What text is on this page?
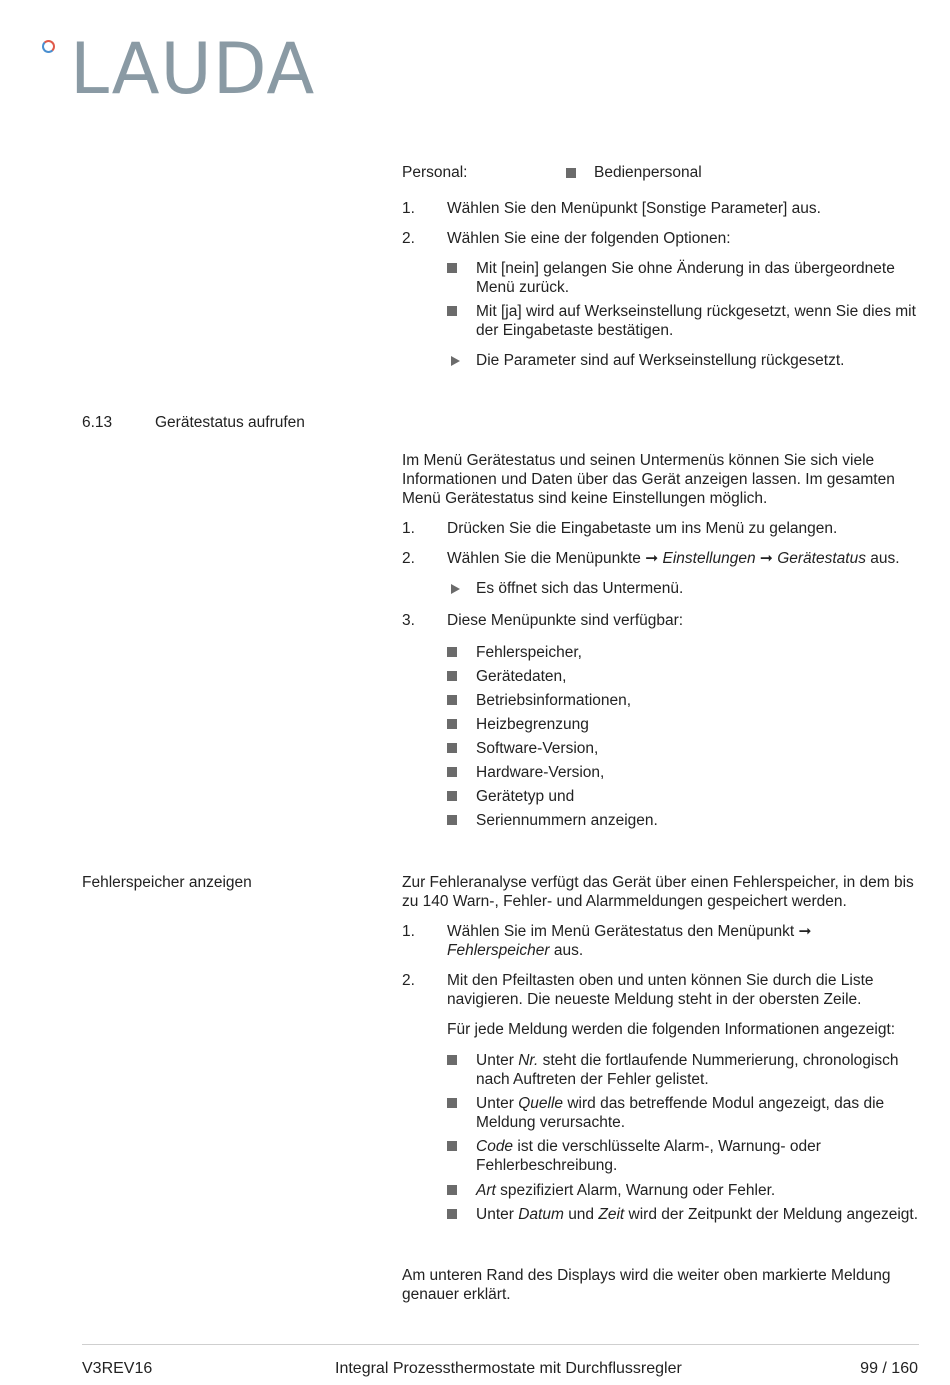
LAUDA
Personal:	Bedienpersonal
1.	Wählen Sie den Menüpunkt [Sonstige Parameter] aus.
2.	Wählen Sie eine der folgenden Optionen:
Mit [nein] gelangen Sie ohne Änderung in das übergeordnete Menü zurück.
Mit [ja] wird auf Werkseinstellung rückgesetzt, wenn Sie dies mit der Eingabetaste bestätigen.
Die Parameter sind auf Werkseinstellung rückgesetzt.
6.13	Gerätestatus aufrufen
Im Menü Gerätestatus und seinen Untermenüs können Sie sich viele Informationen und Daten über das Gerät anzeigen lassen. Im gesamten Menü Gerätestatus sind keine Einstellungen möglich.
1.	Drücken Sie die Eingabetaste um ins Menü zu gelangen.
2.	Wählen Sie die Menüpunkte ➞ Einstellungen ➞ Gerätestatus aus.
Es öffnet sich das Untermenü.
3.	Diese Menüpunkte sind verfügbar:
Fehlerspeicher,
Gerätedaten,
Betriebsinformationen,
Heizbegrenzung
Software-Version,
Hardware-Version,
Gerätetyp und
Seriennummern anzeigen.
Fehlerspeicher anzeigen	Zur Fehleranalyse verfügt das Gerät über einen Fehlerspeicher, in dem bis zu 140 Warn-, Fehler- und Alarmmeldungen gespeichert werden.
1.	Wählen Sie im Menü Gerätestatus den Menüpunkt ➞ Fehlerspeicher aus.
2.	Mit den Pfeiltasten oben und unten können Sie durch die Liste navigieren. Die neueste Meldung steht in der obersten Zeile.
Für jede Meldung werden die folgenden Informationen angezeigt:
Unter Nr. steht die fortlaufende Nummerierung, chronologisch nach Auftreten der Fehler gelistet.
Unter Quelle wird das betreffende Modul angezeigt, das die Meldung verursachte.
Code ist die verschlüsselte Alarm-, Warnung- oder Fehlerbeschreibung.
Art spezifiziert Alarm, Warnung oder Fehler.
Unter Datum und Zeit wird der Zeitpunkt der Meldung angezeigt.
Am unteren Rand des Displays wird die weiter oben markierte Meldung genauer erklärt.
V3REV16	Integral Prozessthermostate mit Durchflussregler	99 / 160
